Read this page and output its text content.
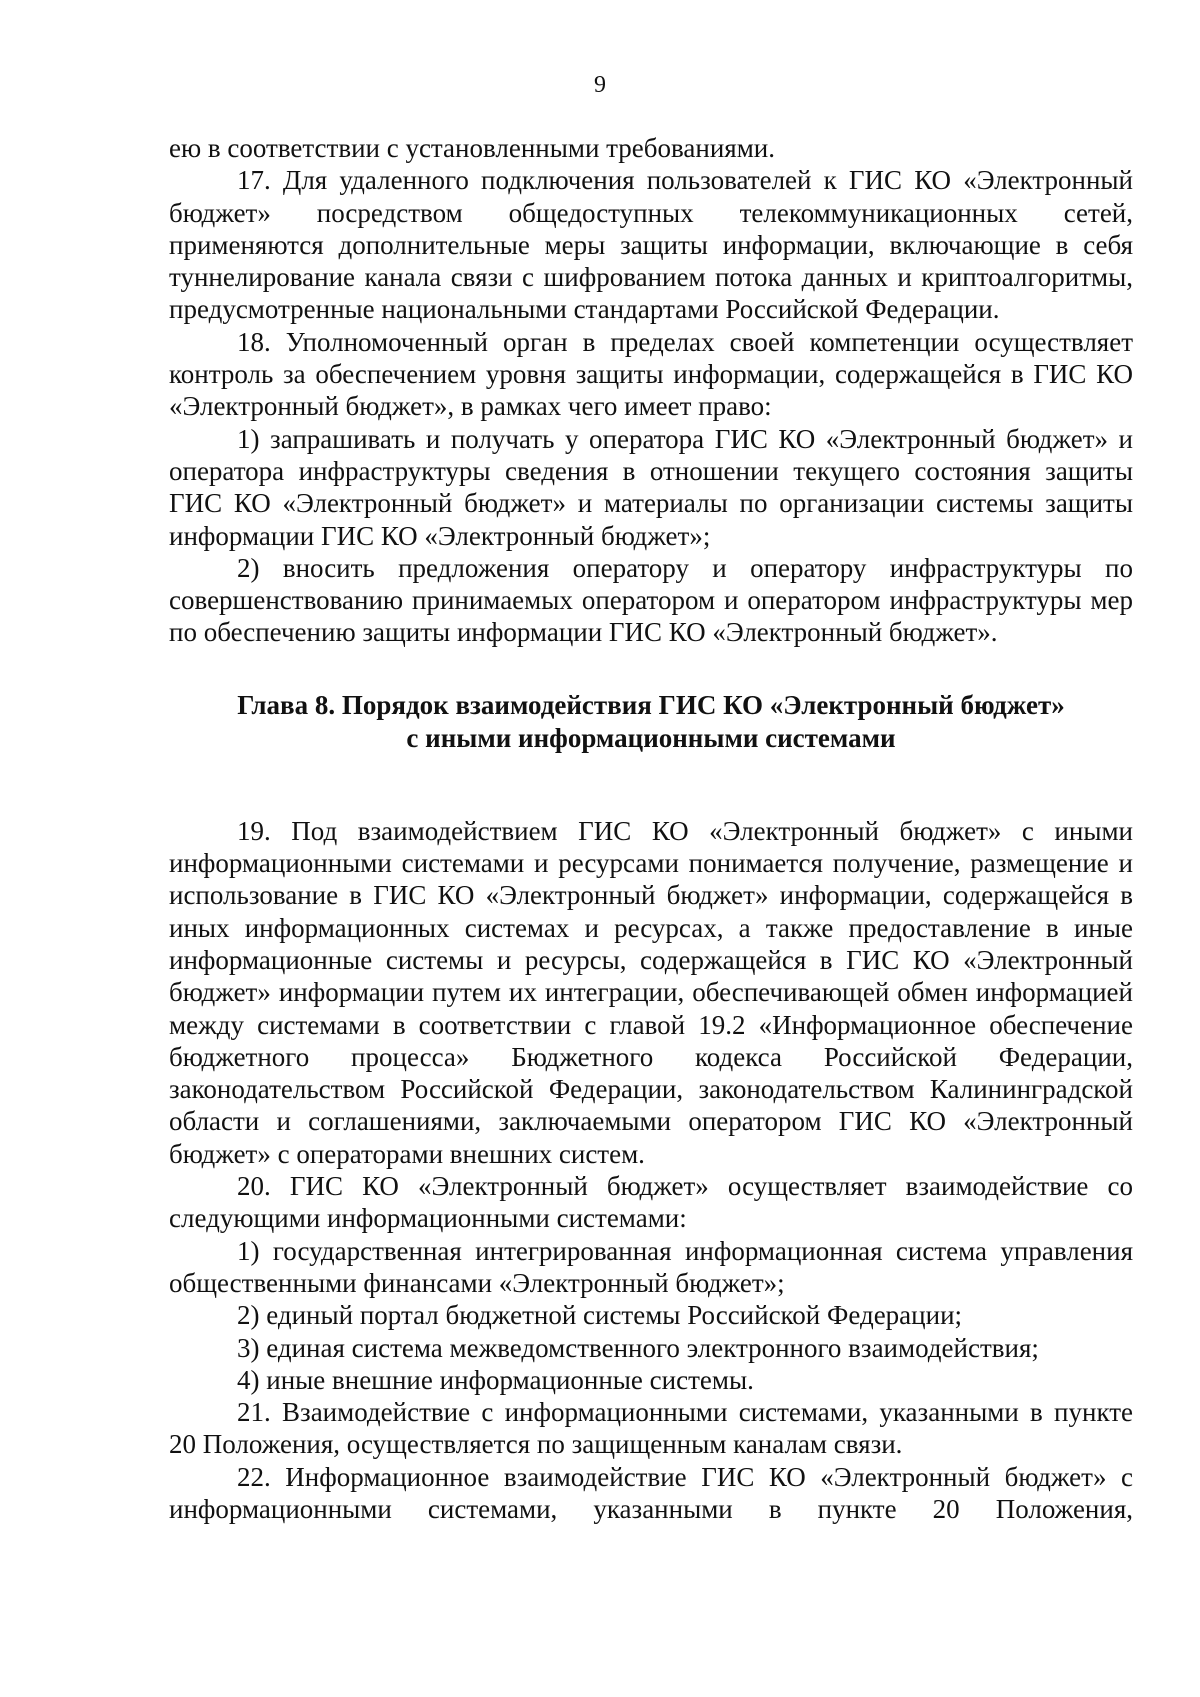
9

ею в соответствии с установленными требованиями.

17. Для удаленного подключения пользователей к ГИС КО «Электронный бюджет» посредством общедоступных телекоммуникационных сетей, применяются дополнительные меры защиты информации, включающие в себя туннелирование канала связи с шифрованием потока данных и криптоалгоритмы, предусмотренные национальными стандартами Российской Федерации.

18. Уполномоченный орган в пределах своей компетенции осуществляет контроль за обеспечением уровня защиты информации, содержащейся в ГИС КО «Электронный бюджет», в рамках чего имеет право:

1) запрашивать и получать у оператора ГИС КО «Электронный бюджет» и оператора инфраструктуры сведения в отношении текущего состояния защиты ГИС КО «Электронный бюджет» и материалы по организации системы защиты информации ГИС КО «Электронный бюджет»;

2) вносить предложения оператору и оператору инфраструктуры по совершенствованию принимаемых оператором и оператором инфраструктуры мер по обеспечению защиты информации ГИС КО «Электронный бюджет».

Глава 8. Порядок взаимодействия ГИС КО «Электронный бюджет»
с иными информационными системами

19. Под взаимодействием ГИС КО «Электронный бюджет» с иными информационными системами и ресурсами понимается получение, размещение и использование в ГИС КО «Электронный бюджет» информации, содержащейся в иных информационных системах и ресурсах, а также предоставление в иные информационные системы и ресурсы, содержащейся в ГИС КО «Электронный бюджет» информации путем их интеграции, обеспечивающей обмен информацией между системами в соответствии с главой 19.2 «Информационное обеспечение бюджетного процесса» Бюджетного кодекса Российской Федерации, законодательством Российской Федерации, законодательством Калининградской области и соглашениями, заключаемыми оператором ГИС КО «Электронный бюджет» с операторами внешних систем.

20. ГИС КО «Электронный бюджет» осуществляет взаимодействие со следующими информационными системами:

1) государственная интегрированная информационная система управления общественными финансами «Электронный бюджет»;

2) единый портал бюджетной системы Российской Федерации;

3) единая система межведомственного электронного взаимодействия;

4) иные внешние информационные системы.

21. Взаимодействие с информационными системами, указанными в пункте 20 Положения, осуществляется по защищенным каналам связи.

22. Информационное взаимодействие ГИС КО «Электронный бюджет» с информационными системами, указанными в пункте 20 Положения,
